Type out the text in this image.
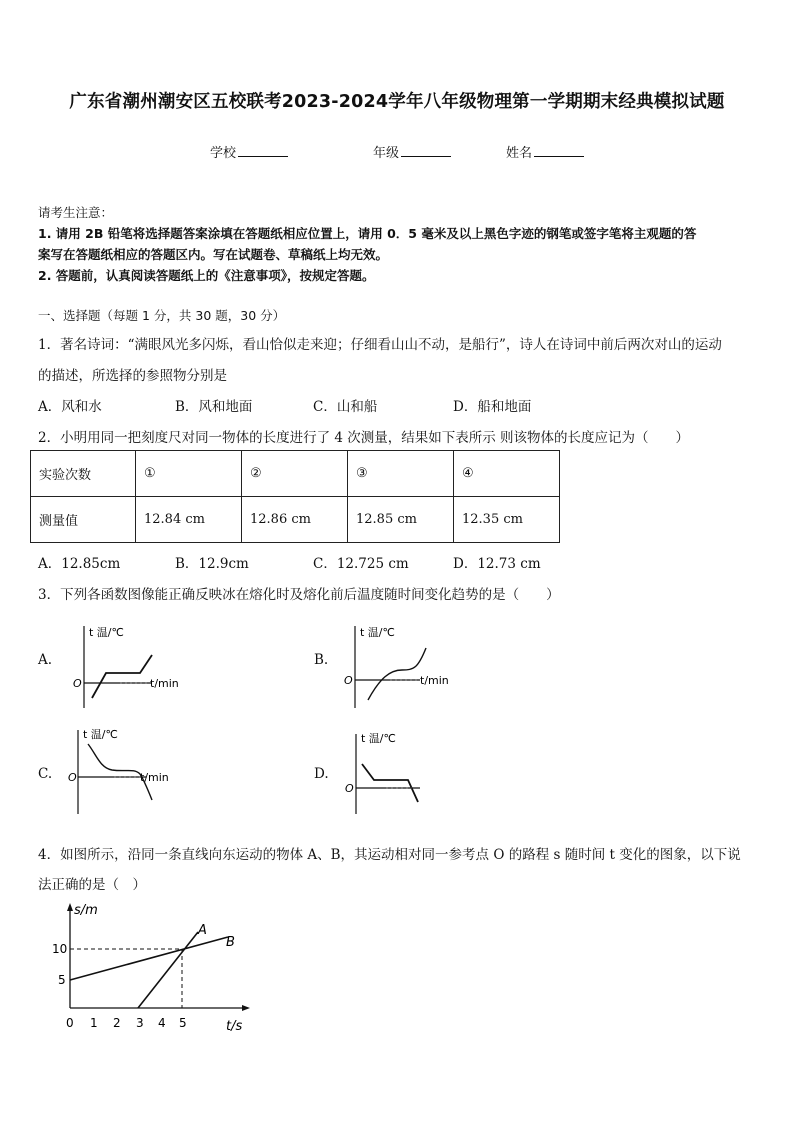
广东省潮州潮安区五校联考2023-2024学年八年级物理第一学期期末经典模拟试题
学校	年级	姓名
请考生注意：
1. 请用 2B 铅笔将选择题答案涂填在答题纸相应位置上，请用 0．5 毫米及以上黑色字迹的钢笔或签字笔将主观题的答
案写在答题纸相应的答题区内。写在试题卷、草稿纸上均无效。
2. 答题前，认真阅读答题纸上的《注意事项》，按规定答题。
一、选择题（每题 1 分，共 30 题，30 分）
1．著名诗词：“满眼风光多闪烁，看山恰似走来迎；仔细看山山不动，是船行”，诗人在诗词中前后两次对山的运动
的描述，所选择的参照物分别是
A．风和水	B．风和地面	C．山和船	D．船和地面
2．小明用同一把刻度尺对同一物体的长度进行了 4 次测量，结果如下表所示 则该物体的长度应记为（　　）
实验次数	①	②	③	④
测量值	12.84 cm	12.86 cm	12.85 cm	12.35 cm
A．12.85cm	B．12.9cm	C．12.725 cm	D．12.73 cm
3．下列各函数图像能正确反映冰在熔化时及熔化前后温度随时间变化趋势的是（　　）
A.
t 温/℃
t/min
O
B.
t 温/℃
t/min
O
C.
t 温/℃
t/min
O	D.
t 温/℃
O
4．如图所示，沿同一条直线向东运动的物体 A、B，其运动相对同一参考点 O 的路程 s 随时间 t 变化的图象，以下说
法正确的是（　）
s/m
t/s
10
5
0 1 2 3 4 5
A
B
